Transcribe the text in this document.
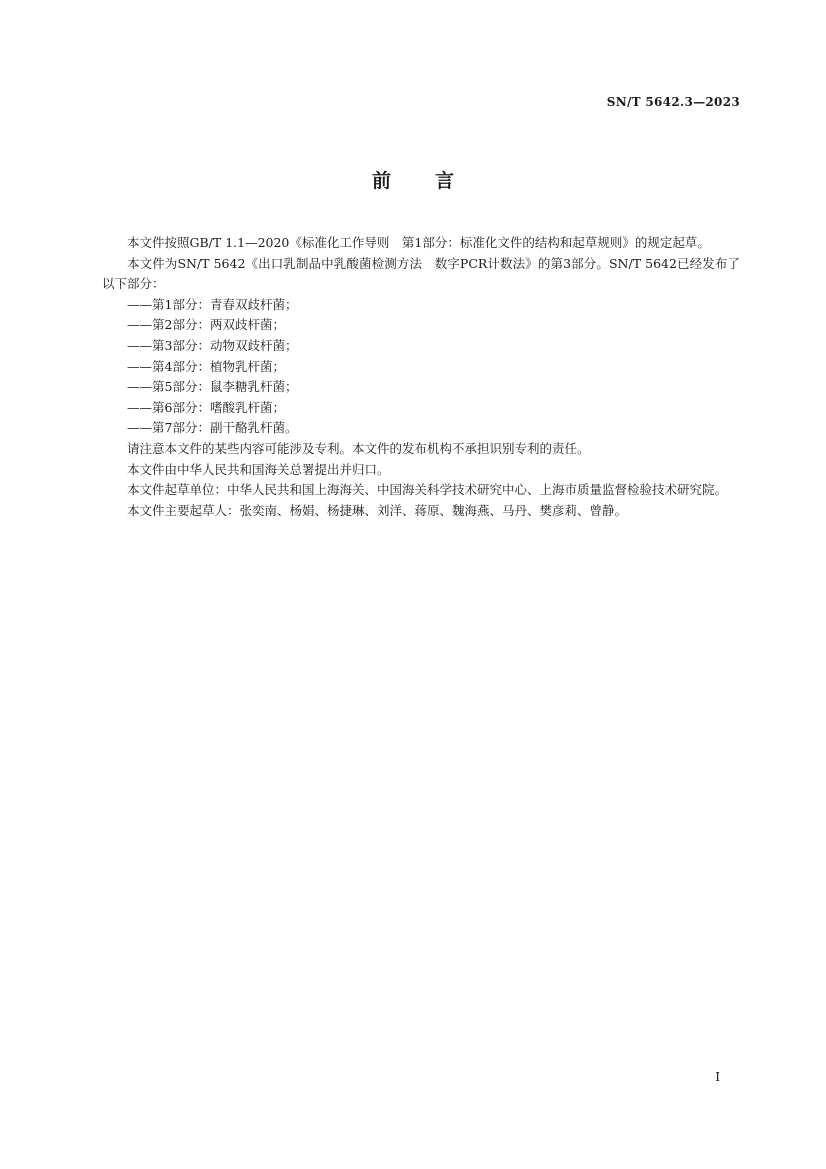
SN/T 5642.3—2023
前言

本文件按照GB/T 1.1—2020《标准化工作导则　第1部分：标准化文件的结构和起草规则》的规定起草。

本文件为SN/T 5642《出口乳制品中乳酸菌检测方法　数字PCR计数法》的第3部分。SN/T 5642已经发布了以下部分：

——第1部分：青春双歧杆菌；
——第2部分：两双歧杆菌；
——第3部分：动物双歧杆菌；
——第4部分：植物乳杆菌；
——第5部分：鼠李糖乳杆菌；
——第6部分：嗜酸乳杆菌；
——第7部分：副干酪乳杆菌。

请注意本文件的某些内容可能涉及专利。本文件的发布机构不承担识别专利的责任。

本文件由中华人民共和国海关总署提出并归口。

本文件起草单位：中华人民共和国上海海关、中国海关科学技术研究中心、上海市质量监督检验技术研究院。

本文件主要起草人：张奕南、杨娟、杨捷琳、刘洋、蒋原、魏海燕、马丹、樊彦莉、曾静。

I
